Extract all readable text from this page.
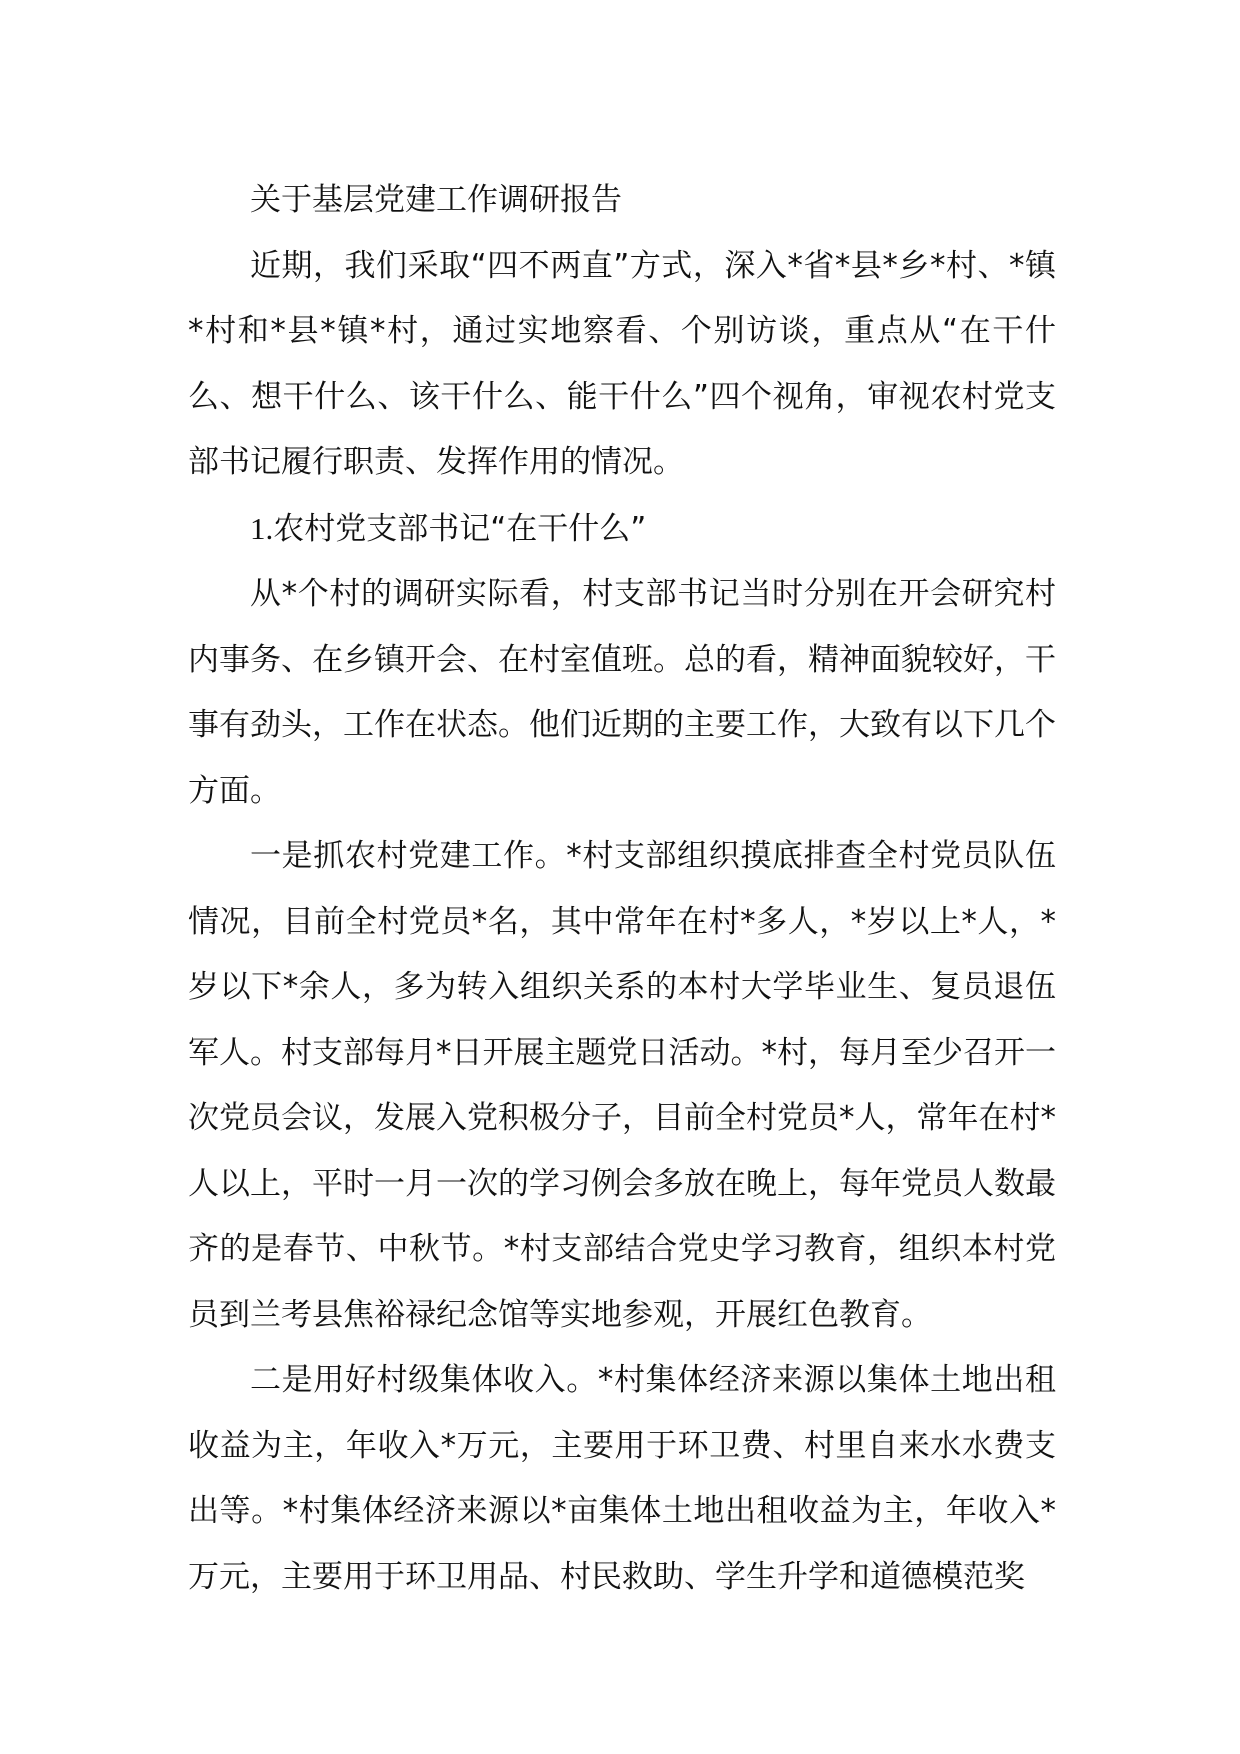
关于基层党建工作调研报告

近期，我们采取“四不两直”方式，深入*省*县*乡*村、*镇*村和*县*镇*村，通过实地察看、个别访谈，重点从“在干什么、想干什么、该干什么、能干什么”四个视角，审视农村党支部书记履行职责、发挥作用的情况。

1.农村党支部书记“在干什么”

从*个村的调研实际看，村支部书记当时分别在开会研究村内事务、在乡镇开会、在村室值班。总的看，精神面貌较好，干事有劲头，工作在状态。他们近期的主要工作，大致有以下几个方面。

一是抓农村党建工作。*村支部组织摸底排查全村党员队伍情况，目前全村党员*名，其中常年在村*多人，*岁以上*人，*岁以下*余人，多为转入组织关系的本村大学毕业生、复员退伍军人。村支部每月*日开展主题党日活动。*村，每月至少召开一次党员会议，发展入党积极分子，目前全村党员*人，常年在村*人以上，平时一月一次的学习例会多放在晚上，每年党员人数最齐的是春节、中秋节。*村支部结合党史学习教育，组织本村党员到兰考县焦裕禄纪念馆等实地参观，开展红色教育。

二是用好村级集体收入。*村集体经济来源以集体土地出租收益为主，年收入*万元，主要用于环卫费、村里自来水水费支出等。*村集体经济来源以*亩集体土地出租收益为主，年收入*万元，主要用于环卫用品、村民救助、学生升学和道德模范奖
